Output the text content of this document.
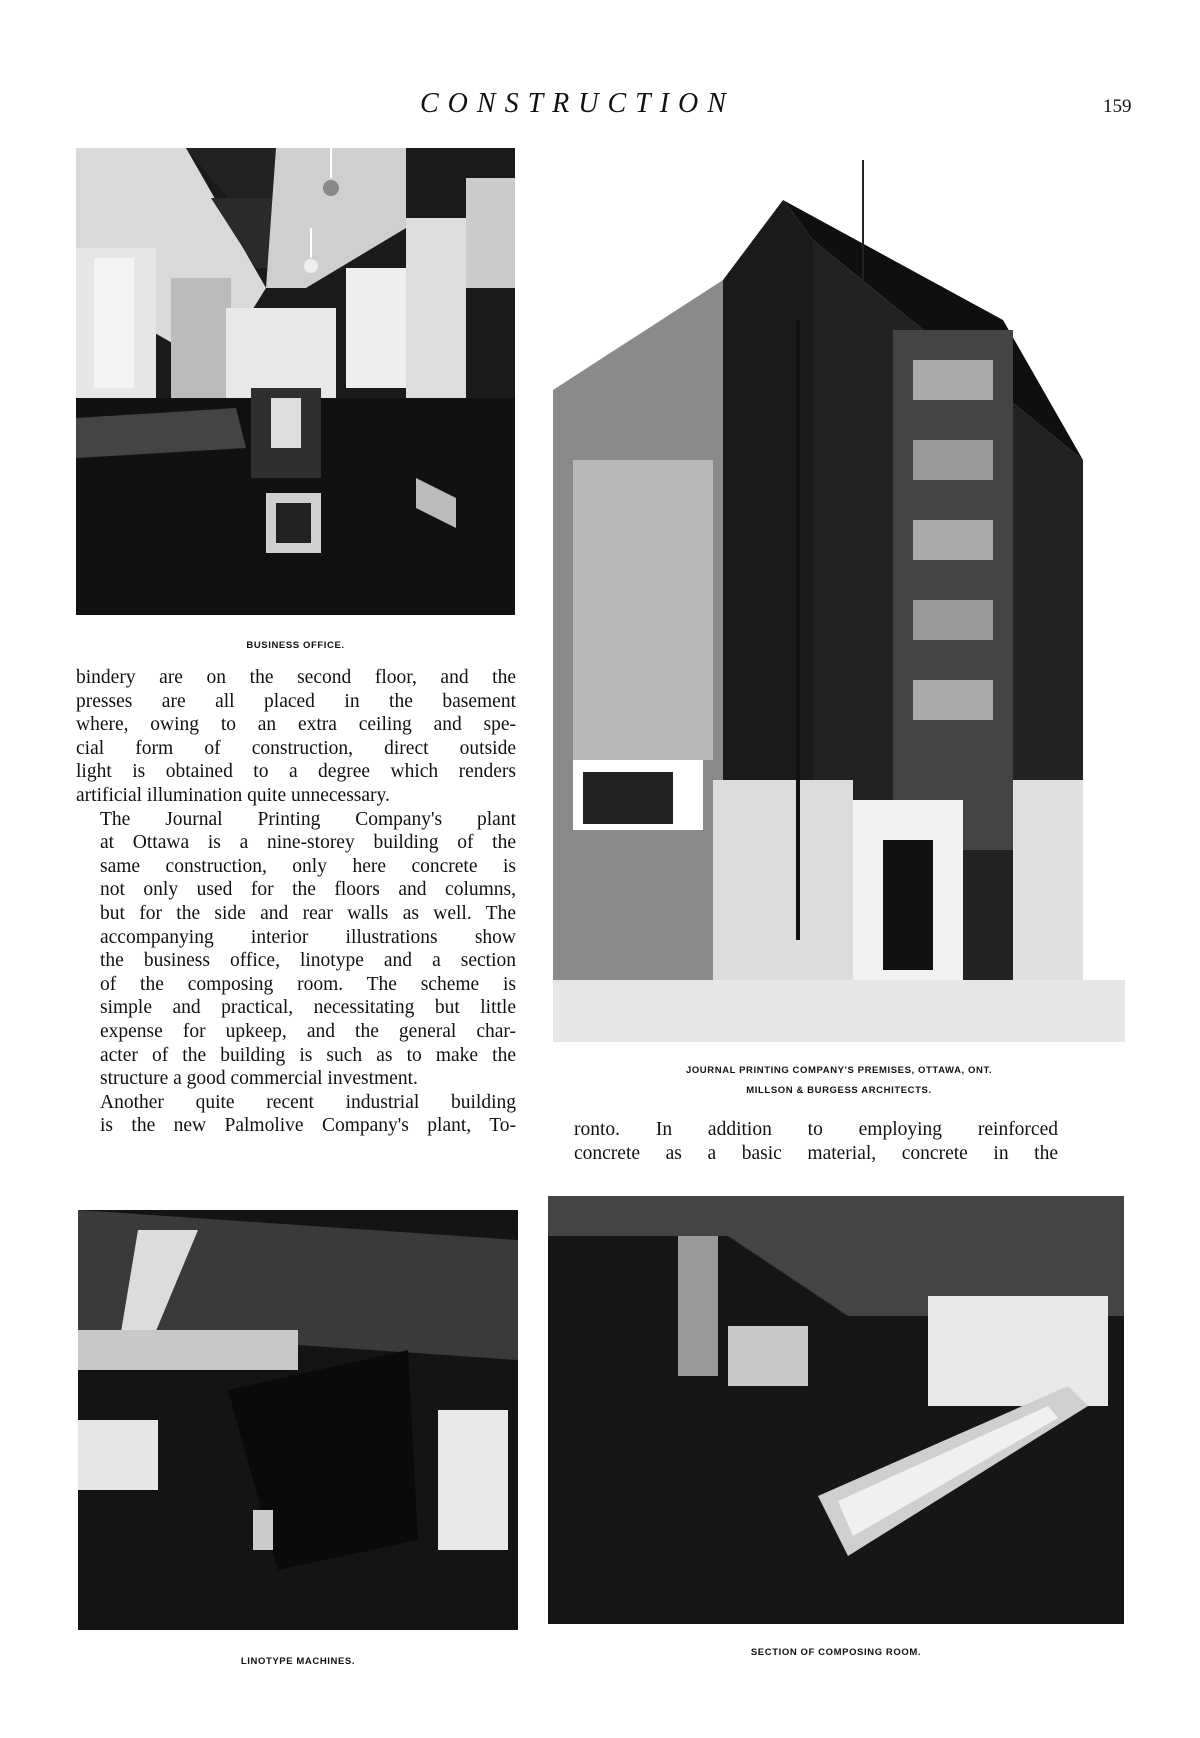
CONSTRUCTION	159
BUSINESS OFFICE.
JOURNAL PRINTING COMPANY'S PREMISES, OTTAWA, ONT.
MILLSON & BURGESS ARCHITECTS.
LINOTYPE MACHINES.
SECTION OF COMPOSING ROOM.

bindery are on the second floor, and the
presses are all placed in the basement
where, owing to an extra ceiling and spe-
cial form of construction, direct outside
light is obtained to a degree which renders
artificial illumination quite unnecessary.

The Journal Printing Company's plant
at Ottawa is a nine-storey building of the
same construction, only here concrete is
not only used for the floors and columns,
but for the side and rear walls as well. The
accompanying interior illustrations show
the business office, linotype and a section
of the composing room. The scheme is
simple and practical, necessitating but little
expense for upkeep, and the general char-
acter of the building is such as to make the
structure a good commercial investment.

Another quite recent industrial building
is the new Palmolive Company's plant, To-	ronto. In addition to employing reinforced
concrete as a basic material, concrete in the
